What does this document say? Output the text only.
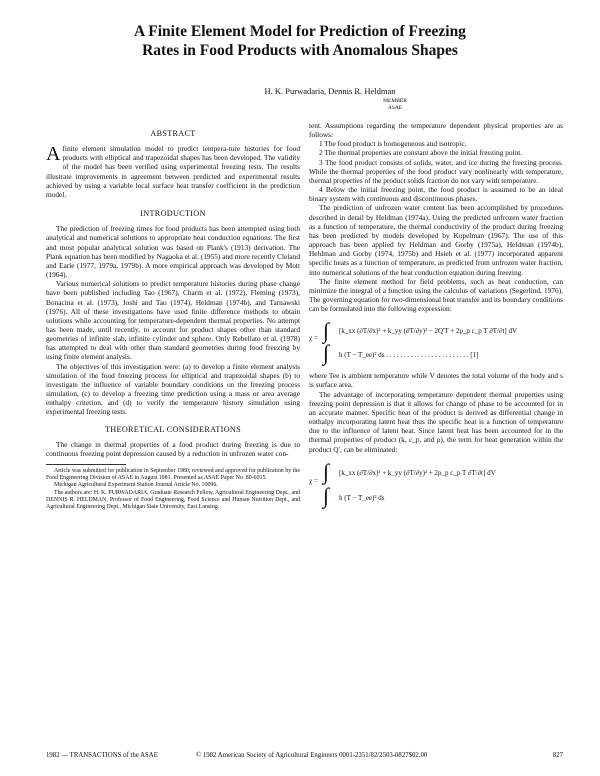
A Finite Element Model for Prediction of Freezing
Rates in Food Products with Anomalous Shapes
H. K. Purwadaria, Dennis R. Heldman
MEMBER
ASAE
ABSTRACT

Afinite element simulation model to predict tempera-ture histories for food products with elliptical and trapezoidal shapes has been developed. The validity of the model has been verified using experimental freezing tests. The results illustrate improvements in agreement between predicted and experimental results achieved by using a variable local surface heat transfer coefficient in the prediction model.

INTRODUCTION

The prediction of freezing times for food products has been attempted using both analytical and numerical solutions to appropriate heat conduction equations. The first and most popular analytical solution was based on Plank's (1913) derivation. The Plank equation has been modified by Nagaoka et al. (1955) and more recently Cleland and Earle (1977, 1979a, 1979b). A more empirical approach was developed by Mott (1964).

Various numerical solutions to predict temperature histories during phase change have been published including Tao (1967), Charm et al. (1972), Fleming (1973), Bonacina et al. (1973), Joshi and Tao (1974), Heldman (1974b), and Tarnawski (1976). All of these investigations have used finite difference methods to obtain solutions while accounting for temperature-dependent thermal properties. No attempt has been made, until recently, to account for product shapes other than standard geometries of infinite slab, infinite cylinder and sphere. Only Rebellato et al. (1978) has attempted to deal with other than standard geometries during food freezing by using finite element analysis.

The objectives of this investigation were: (a) to develop a finite element analysis simulation of the food freezing process for elliptical and trapezoidal shapes (b) to investigate the influence of variable boundary conditions on the freezing process simulation, (c) to develop a freezing time prediction using a mass or area average enthalpy criterion, and (d) to verify the temperature history simulation using experimental freezing tests.

THEORETICAL CONSIDERATIONS

The change in thermal properties of a food product during freezing is due to continuous freezing point depression caused by a reduction in unfrozen water con-

Article was submitted for publication in September 1980; reviewed and approved for publication by the Food Engineering Division of ASAE in August 1981. Presented as ASAE Paper No. 80-6015.

Michigan Agricultural Experiment Station Journal Article No. 10096.

The authors are: H. K. PURWADARIA, Graduate Research Fellow, Agricultural Engineering Dept., and DENNIS R. HELDMAN, Professor of Food Engineering, Food Science and Human Nutrition Dept., and Agricultural Engineering Dept., Michigan State University, East Lansing.

tent. Assumptions regarding the temperature dependent physical properties are as follows:

1 The food product is homogeneous and isotropic.

2 The thermal properties are constant above the initial freezing point.

3 The food product consists of solids, water, and ice during the freezing process. While the thermal properties of the food product vary nonlinearly with temperature, thermal properties of the product solids fraction do not vary with temperature.

4 Below the initial freezing point, the food product is assumed to be an ideal binary system with continuous and discontinuous phases.

The prediction of unfrozen water content has been accomplished by procedures described in detail by Heldman (1974a). Using the predicted unfrozen water fraction as a function of temperature, the thermal conductivity of the product during freezing has been predicted by models developed by Kopelman (1967). The use of this approach has been applied by Heldman and Gorby (1975a), Heldman (1974b), Heldman and Gorby (1974, 1975b) and Hsieh et al. (1977) incorporated apparent specific heats as a function of temperature, as predicted from unfrozen water fraction, into numerical solutions of the heat conduction equation during freezing.

The finite element method for field problems, such as heat conduction, can minimize the integral of a function using the calculus of variations (Segerlind, 1976). The governing equation for two-dimensional heat transfer and its boundary conditions can be formulated into the following expression:

χ = ∫ [k_xx (∂T/∂x)² + k_yy (∂T/∂y)² − 2Q'T + 2ρ_p c_p T ∂T/∂t] dV
∫ h (T − T_ee)² ds . . . . . . . . . . . . . . . . . . . . . . . . [1]

where Tee is ambient temperature while V denotes the total volume of the body and s is surface area.

The advantage of incorporating temperature dependent thermal properties using freezing point depression is that it allows for change of phase to be accounted for in an accurate manner. Specific heat of the product is derived as differential change in enthalpy incorporating latent heat thus the specific heat is a function of temperature due to the influence of latent heat. Since latent heat has been accounted for in the thermal properties of product (k, c_p, and ρ), the term for heat generation within the product Q', can be eliminated:

χ = ∫ [k_xx (∂T/∂x)² + k_yy (∂T/∂y)² + 2ρ_p c_p T ∂T/∂t] dV
∫ h (T − T_ee)² ds
1982 — TRANSACTIONS of the ASAE	© 1982 American Society of Agricultural Engineers 0001-2351/82/2503-0827$02.00	827
